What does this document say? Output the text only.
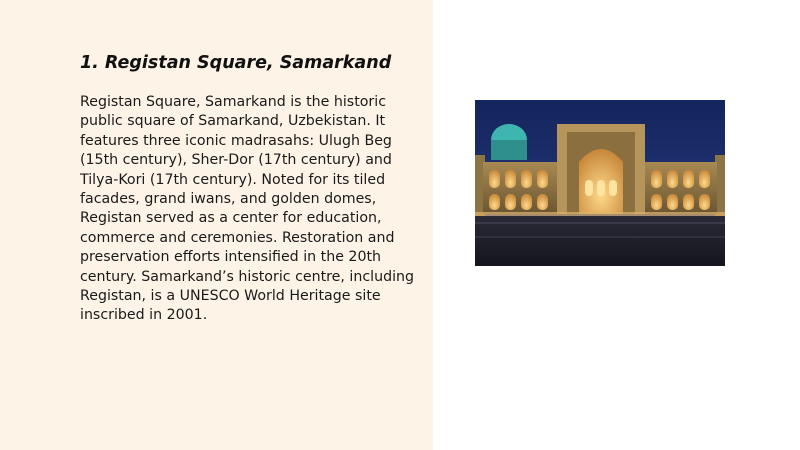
1. Registan Square, Samarkand

Registan Square, Samarkand is the historic public square of Samarkand, Uzbekistan. It features three iconic madrasahs: Ulugh Beg (15th century), Sher-Dor (17th century) and Tilya-Kori (17th century). Noted for its tiled facades, grand iwans, and golden domes, Registan served as a center for education, commerce and ceremonies. Restoration and preservation efforts intensified in the 20th century. Samarkand’s historic centre, including Registan, is a UNESCO World Heritage site inscribed in 2001.
